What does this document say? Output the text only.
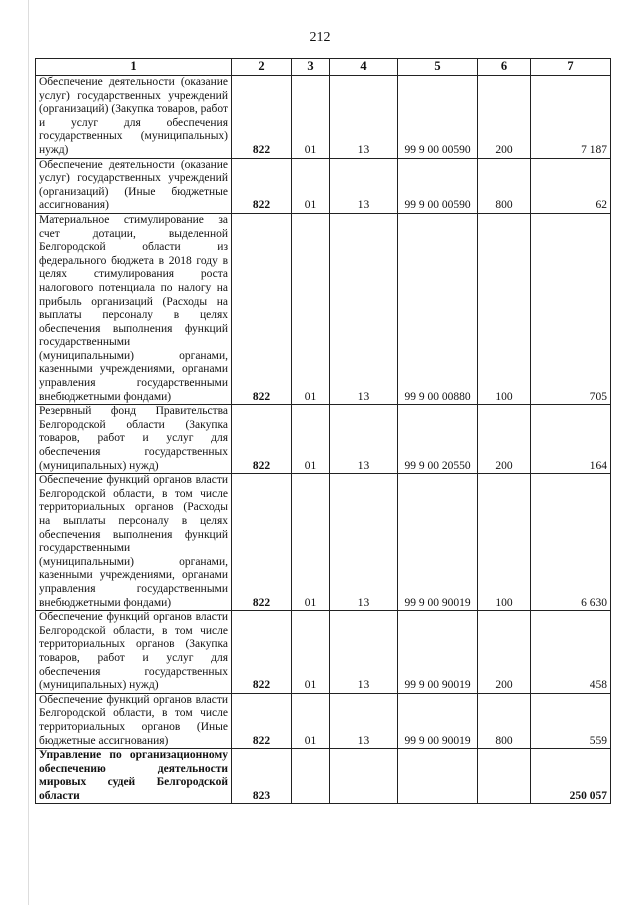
212
1	2	3	4	5	6	7
Обеспечение деятельности (оказание услуг) государственных учреждений (организаций) (Закупка товаров, работ и услуг для обеспечения государственных (муниципальных) нужд)	822	01	13	99 9 00 00590	200	7 187
Обеспечение деятельности (оказание услуг) государственных учреждений (организаций) (Иные бюджетные ассигнования)	822	01	13	99 9 00 00590	800	62
Материальное стимулирование за счет дотации, выделенной Белгородской области из федерального бюджета в 2018 году в целях стимулирования роста налогового потенциала по налогу на прибыль организаций (Расходы на выплаты персоналу в целях обеспечения выполнения функций государственными (муниципальными) органами, казенными учреждениями, органами управления государственными внебюджетными фондами)	822	01	13	99 9 00 00880	100	705
Резервный фонд Правительства Белгородской области (Закупка товаров, работ и услуг для обеспечения государственных (муниципальных) нужд)	822	01	13	99 9 00 20550	200	164
Обеспечение функций органов власти Белгородской области, в том числе территориальных органов (Расходы на выплаты персоналу в целях обеспечения выполнения функций государственными (муниципальными) органами, казенными учреждениями, органами управления государственными внебюджетными фондами)	822	01	13	99 9 00 90019	100	6 630
Обеспечение функций органов власти Белгородской области, в том числе территориальных органов (Закупка товаров, работ и услуг для обеспечения государственных (муниципальных) нужд)	822	01	13	99 9 00 90019	200	458
Обеспечение функций органов власти Белгородской области, в том числе территориальных органов (Иные бюджетные ассигнования)	822	01	13	99 9 00 90019	800	559
Управление по организационному обеспечению деятельности мировых судей Белгородской области	823					250 057
